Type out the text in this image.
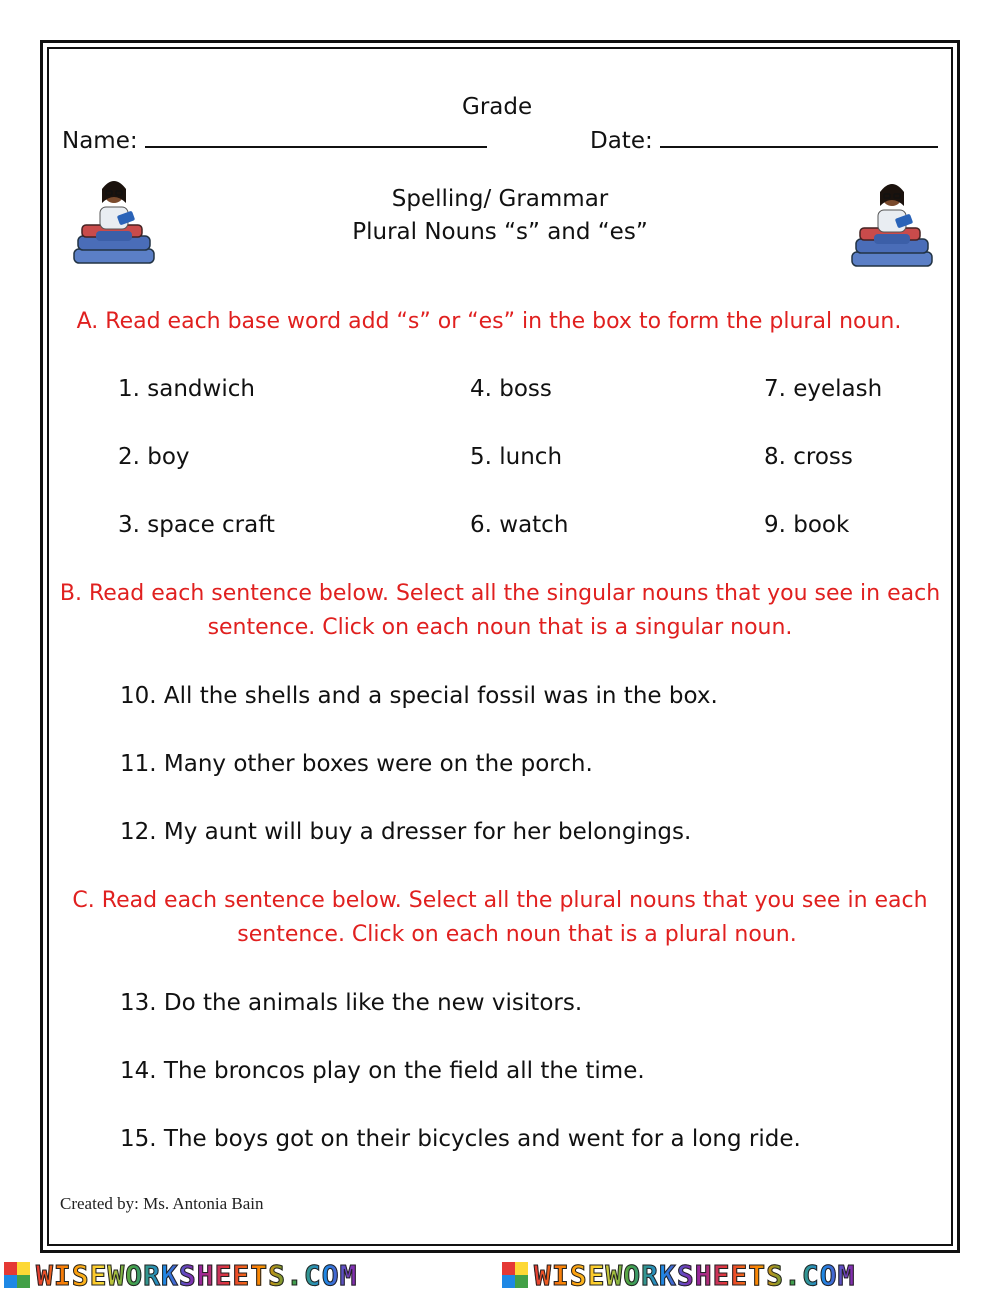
Grade
Name:	Date:
Spelling/ Grammar
Plural Nouns “s” and “es”
A. Read each base word add “s” or “es” in the box to form the plural noun.
1. sandwich	4. boss	7. eyelash
2. boy	5. lunch	8. cross
3. space craft	6. watch	9. book
B. Read each sentence below. Select all the singular nouns that you see in each
sentence. Click on each noun that is a singular noun.
10. All the shells and a special fossil was in the box.
11. Many other boxes were on the porch.
12. My aunt will buy a dresser for her belongings.
C. Read each sentence below. Select all the plural nouns that you see in each
sentence. Click on each noun that is a plural noun.
13. Do the animals like the new visitors.
14. The broncos play on the field all the time.
15. The boys got on their bicycles and went for a long ride.
Created by: Ms. Antonia Bain
WISEWORKSHEETS.COM	WISEWORKSHEETS.COM
